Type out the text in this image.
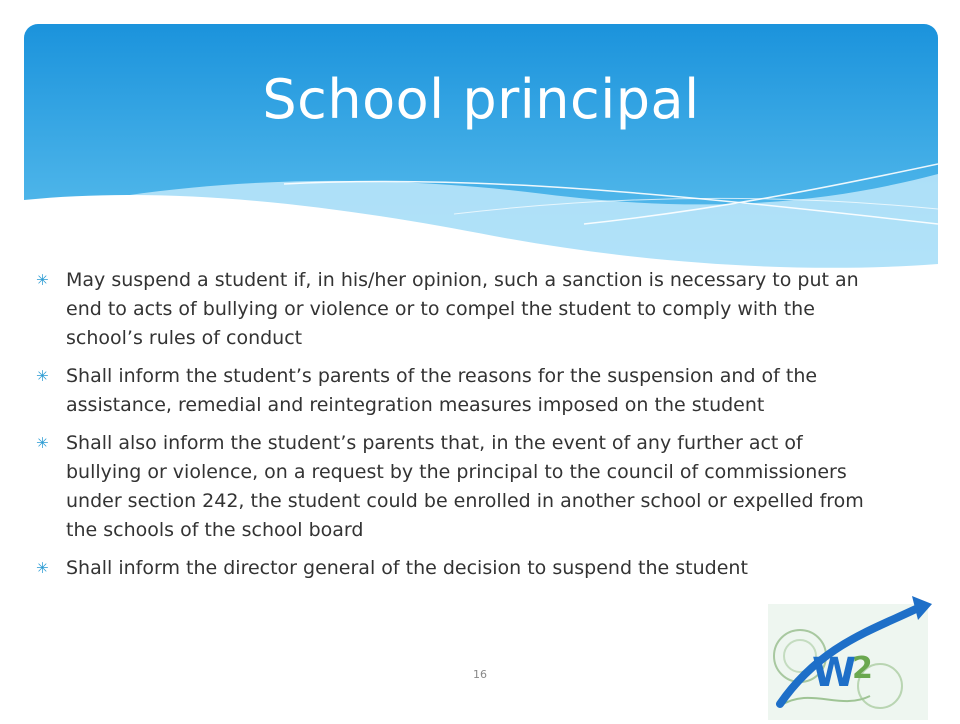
School principal
✳ May suspend a student if, in his/her opinion, such a sanction is necessary to put an end to acts of bullying or violence or to compel the student to comply with the school’s rules of conduct
✳ Shall inform the student’s parents of the reasons for the suspension and of the assistance, remedial and reintegration measures imposed on the student
✳ Shall also inform the student’s parents that, in the event of any further act of bullying or violence, on a request by the principal to the council of commissioners under section 242, the student could be enrolled in another school or expelled from the schools of the school board
✳ Shall inform the director general of the decision to suspend the student
16	W
2
